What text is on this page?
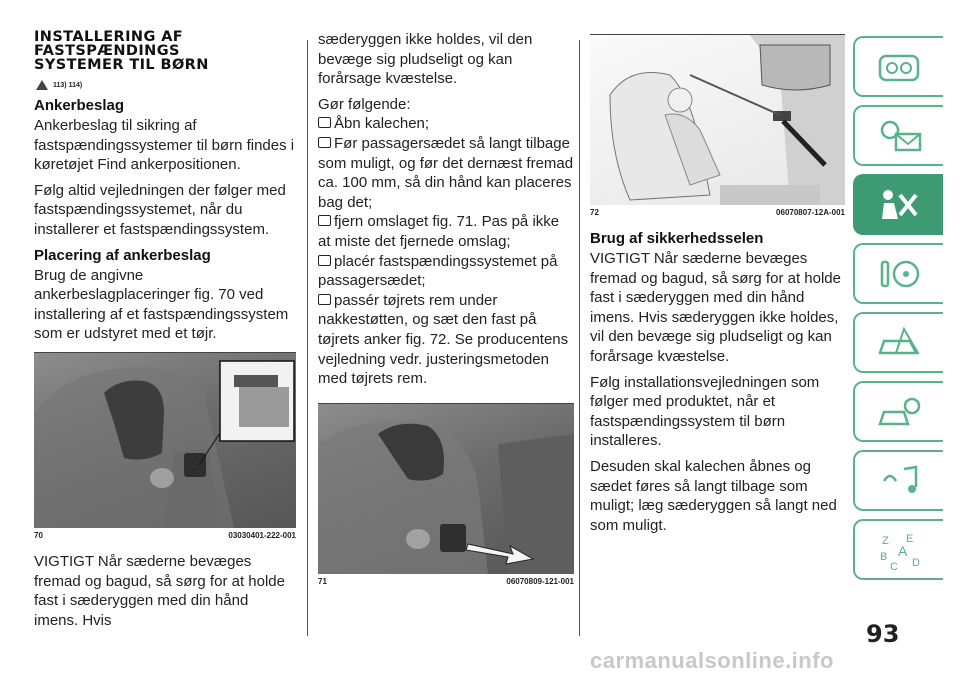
INSTALLERING AF
FASTSPÆNDINGS
SYSTEMER TIL BØRN
113) 114)
Ankerbeslag

Ankerbeslag til sikring af fastspændingssystemer til børn findes i køretøjet Find ankerpositionen.

Følg altid vejledningen der følger med fastspændingssystemet, når du installerer et fastspændingssystem.

Placering af ankerbeslag

Brug de angivne ankerbeslagplaceringer fig. 70 ved installering af et fastspændingssystem som er udstyret med et tøjr.

70	03030401-222-001

VIGTIGT Når sæderne bevæges fremad og bagud, så sørg for at holde fast i sæderyggen med din hånd imens. Hvis

sæderyggen ikke holdes, vil den bevæge sig pludseligt og kan forårsage kvæstelse.

Gør følgende:

Åbn kalechen;
Før passagersædet så langt tilbage som muligt, og før det dernæst fremad ca. 100 mm, så din hånd kan placeres bag det;
fjern omslaget fig. 71. Pas på ikke at miste det fjernede omslag;
placér fastspændingssystemet på passagersædet;
passér tøjrets rem under nakkestøtten, og sæt den fast på tøjrets anker fig. 72. Se producentens vejledning vedr. justeringsmetoden med tøjrets rem.
71	06070809-121-001
72	06070807-12A-001
Brug af sikkerhedsselen

VIGTIGT Når sæderne bevæges fremad og bagud, så sørg for at holde fast i sæderyggen med din hånd imens. Hvis sæderyggen ikke holdes, vil den bevæge sig pludseligt og kan forårsage kvæstelse.

Følg installationsvejledningen som følger med produktet, når et fastspændingssystem til børn installeres.

Desuden skal kalechen åbnes og sædet føres så langt tilbage som muligt; læg sæderyggen så langt ned som muligt.

Z E
A
B
C D
93
carmanualsonline.info
